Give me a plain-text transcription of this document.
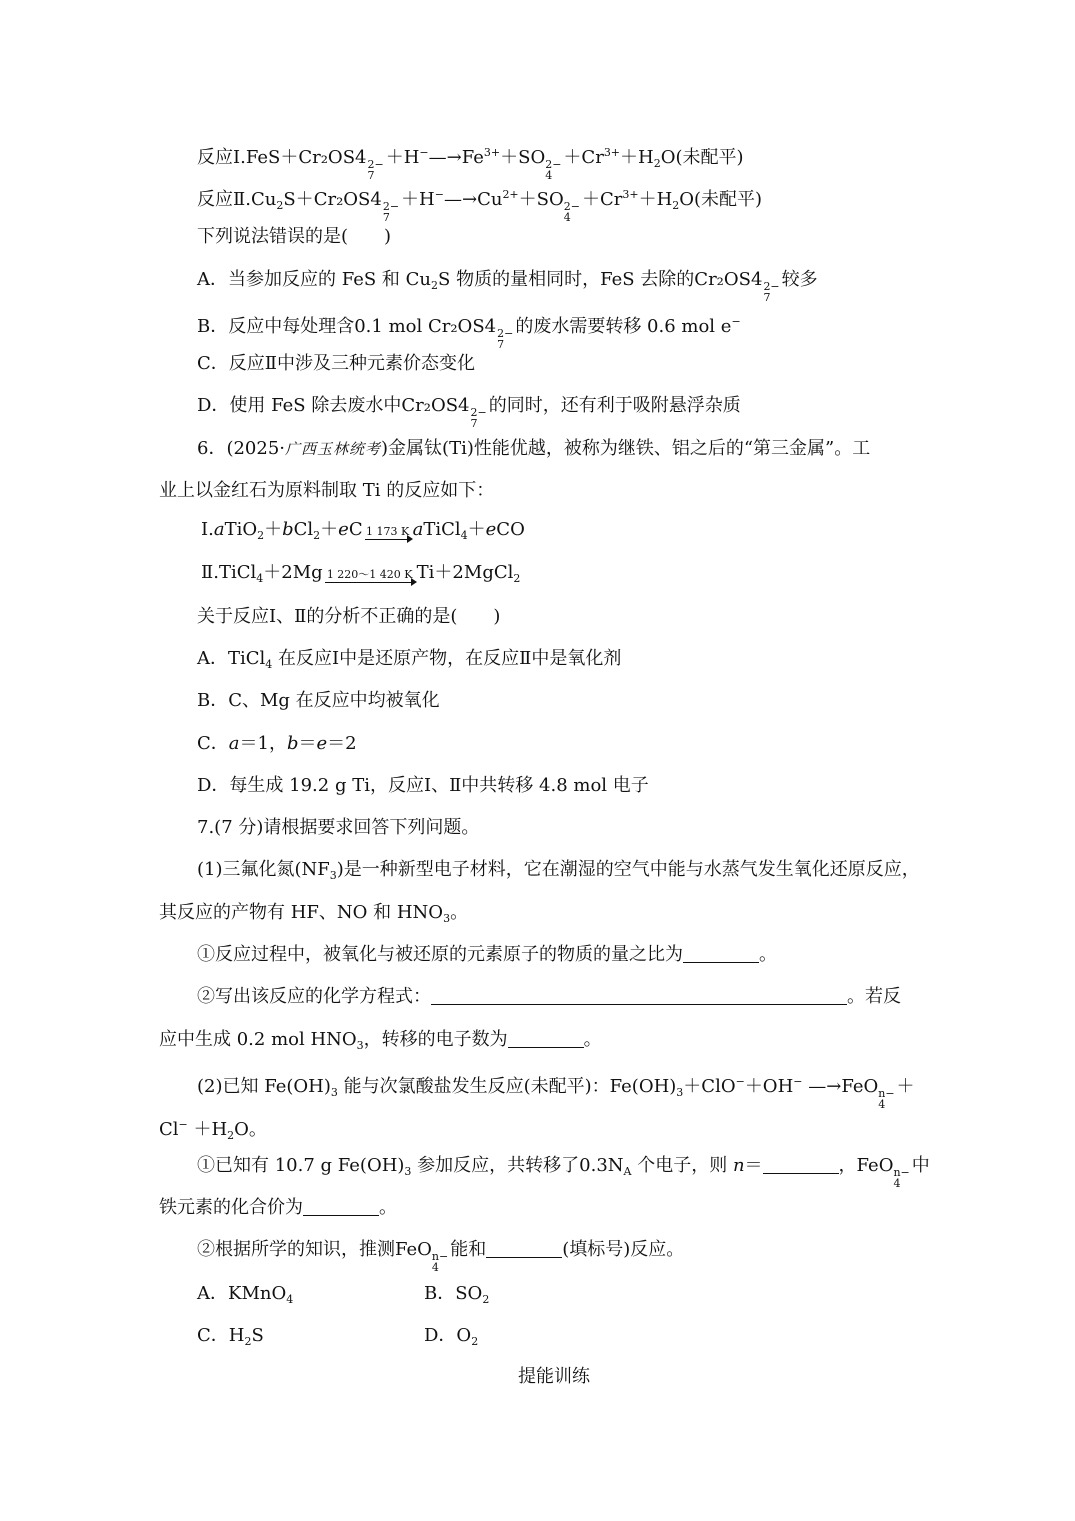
反应Ⅰ.FeS＋Cr₂OS4 2−
7
$+H^-—\to Fe^{3+}+SO$ 2−
4
$+Cr^{3+}+H_2O$(未配平)
反应$Ⅱ.Cu_2S+Cr_2OS4$ 2−
7
$+H^-—\to Cu^{2+}+SO$ 2−
4
$+Cr^{3+}+H_2O$(未配平)
下列说法错误的是(　　)
A．当参加反应的 FeS 和 $Cu_2S$ 物质的量相同时，FeS 去除的Cr₂OS4 2−
7
较多
B．反应中每处理含0.1 mol Cr₂OS4 2−
7
的废水需要转移 0.6 mol e−
C．反应Ⅱ中涉及三种元素价态变化
D．使用 FeS 除去废水中Cr₂OS4 2−
7
的同时，还有利于吸附悬浮杂质
6．(2025·广西玉林统考)金属钛(Ti)性能优越，被称为继铁、铝之后的“第三金属”。工
业上以金红石为原料制取 Ti 的反应如下：
Ⅰ.aTiO$_2$＋bCl$_2$＋eC 1 173 K aTiCl$_4$＋eCO
Ⅱ.TiCl$_4$＋2Mg 1 220～1 420 K Ti＋2MgCl$_2$
关于反应Ⅰ、Ⅱ的分析不正确的是(　　)
A．TiCl$_4$ 在反应Ⅰ中是还原产物，在反应Ⅱ中是氧化剂
B．C、Mg 在反应中均被氧化
C．a＝1，b＝e＝2
D．每生成 19.2 g Ti，反应Ⅰ、Ⅱ中共转移 4.8 mol 电子
7.(7 分)请根据要求回答下列问题。
(1)三氟化氮$(NF_3)$是一种新型电子材料，它在潮湿的空气中能与水蒸气发生氧化还原反应，
其反应的产物有 HF、NO 和 $HNO_3$。
①反应过程中，被氧化与被还原的元素原子的物质的量之比为	。
②写出该反应的化学方程式：	。若反
应中生成 0.2 mol $HNO_3$，转移的电子数为	。
(2)已知 $Fe(OH)_3$ 能与次氯酸盐发生反应(未配平)：$Fe(OH)_3+ClO^-+OH^-$ —→FeO n−
4
＋
$Cl^- +H_2O$。
①已知有 10.7 g $Fe(OH)_3$ 参加反应，共转移了$0.3N_A$ 个电子，则 n＝	，FeO n−
4
中
铁元素的化合价为	。
②根据所学的知识，推测FeO n−
4
能和	(填标号)反应。
A．KMnO$_4$	B．$SO_2$
C．$H_2S$	D．$O_2$
提能训练
